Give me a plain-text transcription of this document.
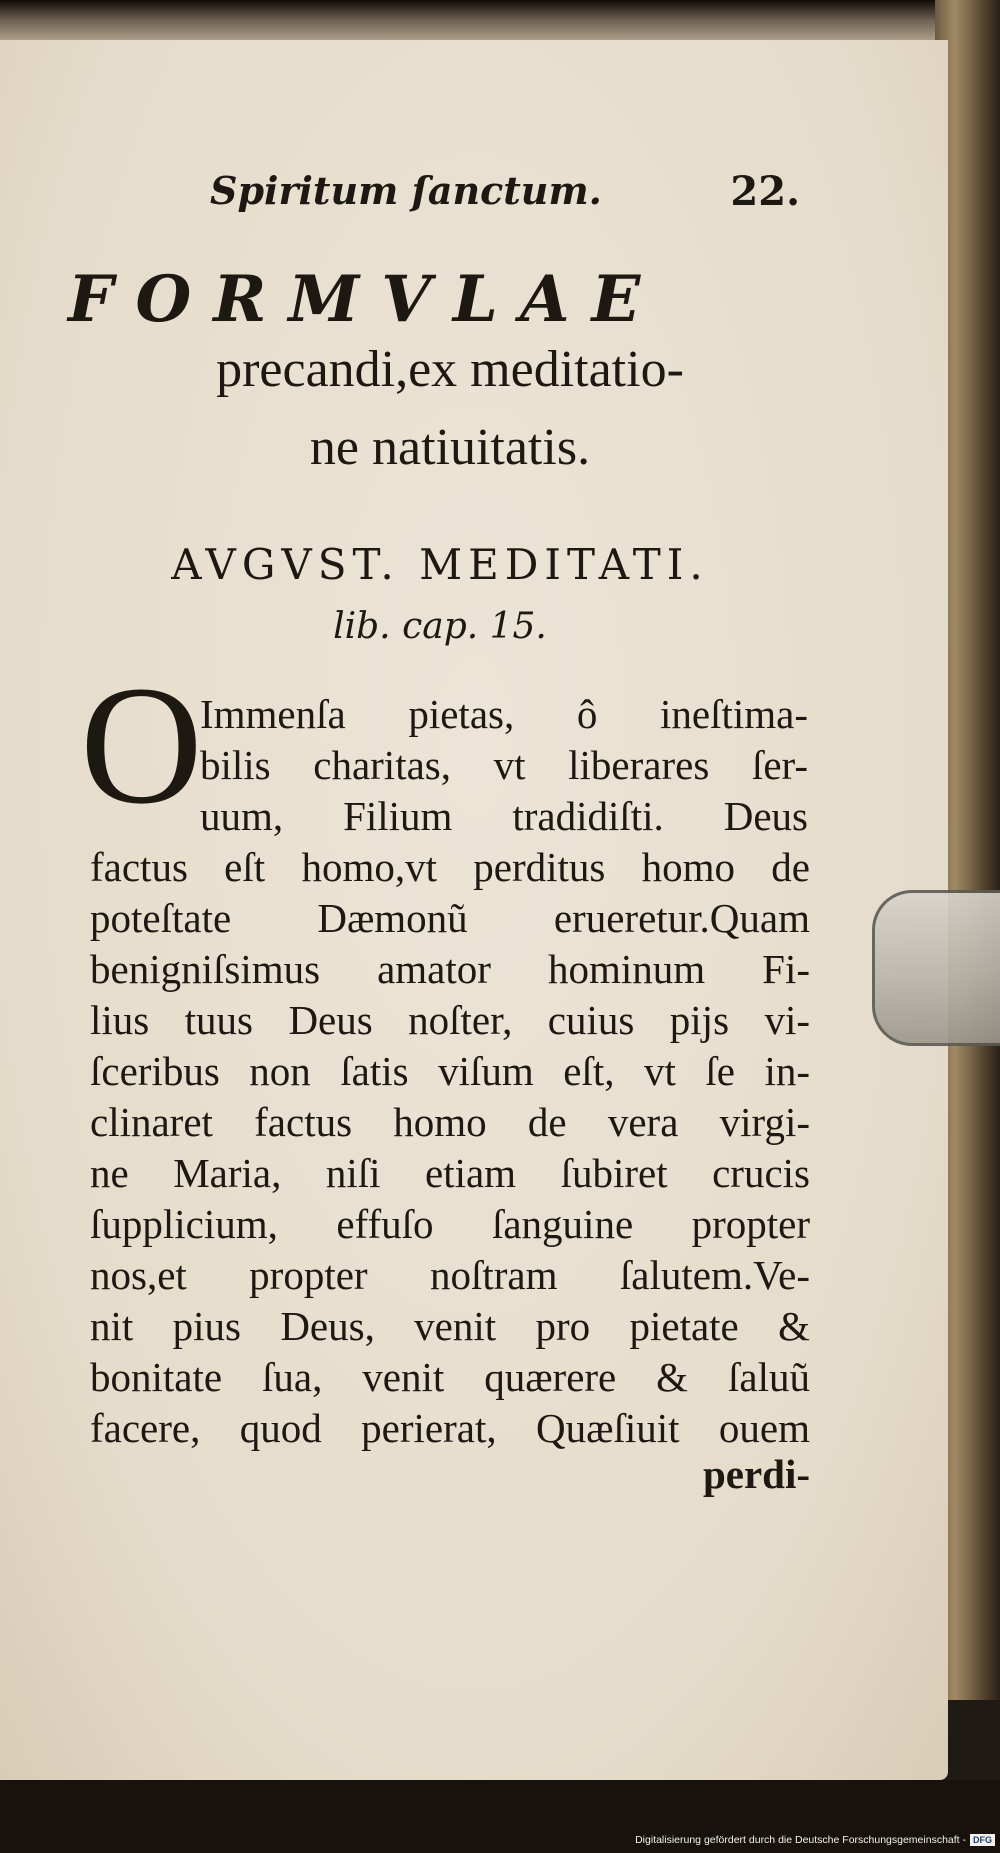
Spiritum ſanctum.	22.
FORMVLAE
precandi,ex meditatio-
ne natiuitatis.
AVGVST. MEDITATI.
lib. cap. 15.
O
Immenſa pietas, ô ineſtima-
bilis charitas, vt liberares ſer-
uum, Filium tradidiſti. Deus
factus eſt homo,vt perditus homo de
poteſtate Dæmonũ erueretur.Quam
benigniſsimus amator hominum Fi-
lius tuus Deus noſter, cuius pijs vi-
ſceribus non ſatis viſum eſt, vt ſe in-
clinaret factus homo de vera virgi-
ne Maria, niſi etiam ſubiret crucis
ſupplicium, effuſo ſanguine propter
nos,et propter noſtram ſalutem.Ve-
nit pius Deus, venit pro pietate &
bonitate ſua, venit quærere & ſaluũ
facere, quod perierat, Quæſiuit ouem
perdi-
Digitalisierung gefördert durch die Deutsche Forschungsgemeinschaft - DFG
